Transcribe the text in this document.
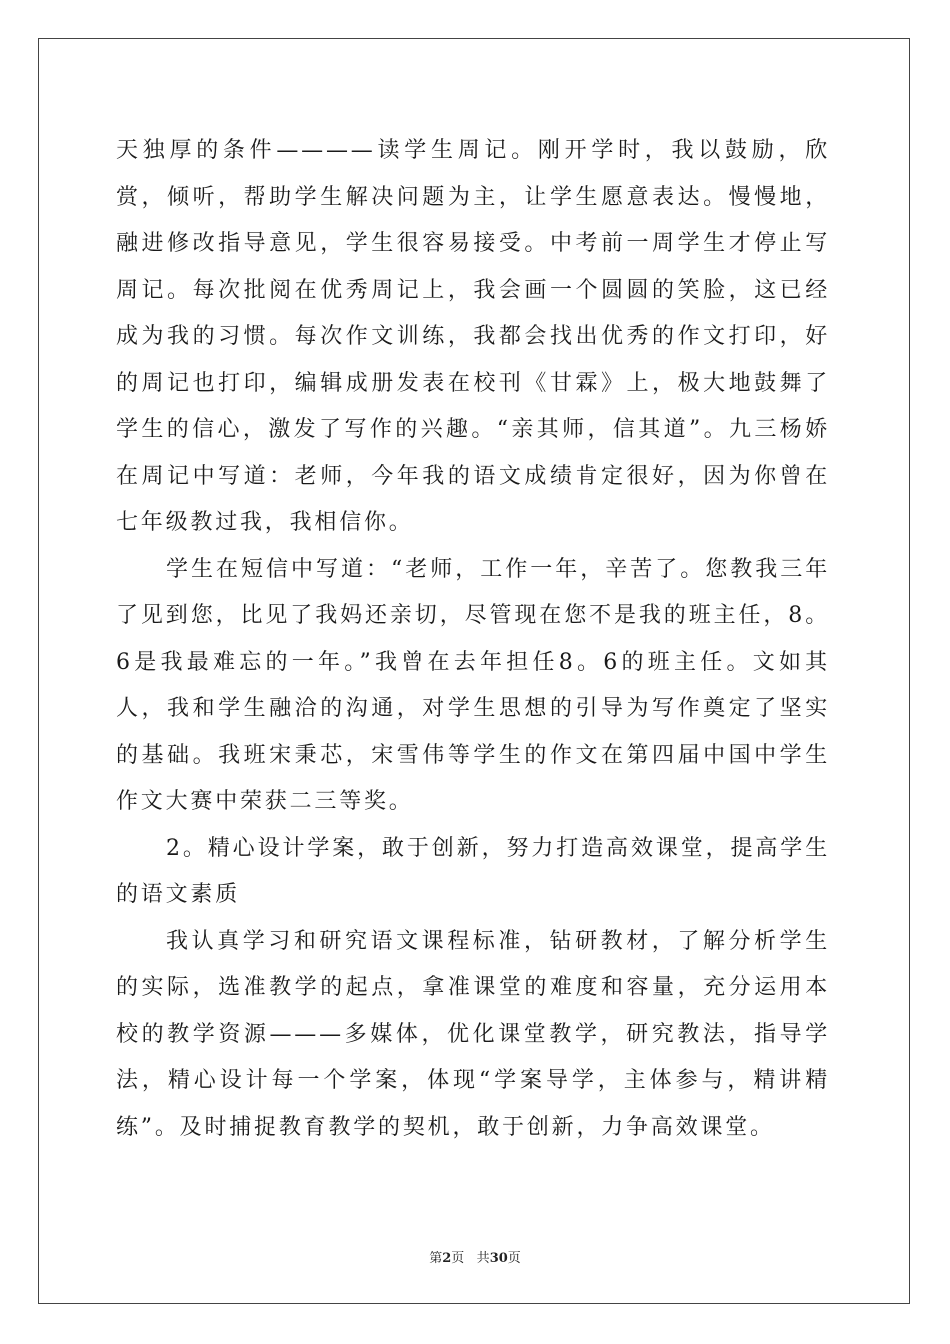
天独厚的条件————读学生周记。刚开学时，我以鼓励，欣赏，倾听，帮助学生解决问题为主，让学生愿意表达。慢慢地，融进修改指导意见，学生很容易接受。中考前一周学生才停止写周记。每次批阅在优秀周记上，我会画一个圆圆的笑脸，这已经成为我的习惯。每次作文训练，我都会找出优秀的作文打印，好的周记也打印，编辑成册发表在校刊《甘霖》上，极大地鼓舞了学生的信心，激发了写作的兴趣。“亲其师，信其道”。九三杨娇在周记中写道：老师，今年我的语文成绩肯定很好，因为你曾在七年级教过我，我相信你。

学生在短信中写道：“老师，工作一年，辛苦了。您教我三年了见到您，比见了我妈还亲切，尽管现在您不是我的班主任，8。6是我最难忘的一年。”我曾在去年担任8。6的班主任。文如其人，我和学生融洽的沟通，对学生思想的引导为写作奠定了坚实的基础。我班宋秉芯，宋雪伟等学生的作文在第四届中国中学生作文大赛中荣获二三等奖。

2。精心设计学案，敢于创新，努力打造高效课堂，提高学生的语文素质

我认真学习和研究语文课程标准，钻研教材，了解分析学生的实际，选准教学的起点，拿准课堂的难度和容量，充分运用本校的教学资源———多媒体，优化课堂教学，研究教法，指导学法，精心设计每一个学案，体现“学案导学，主体参与，精讲精练”。及时捕捉教育教学的契机，敢于创新，力争高效课堂。

第2页 共30页
